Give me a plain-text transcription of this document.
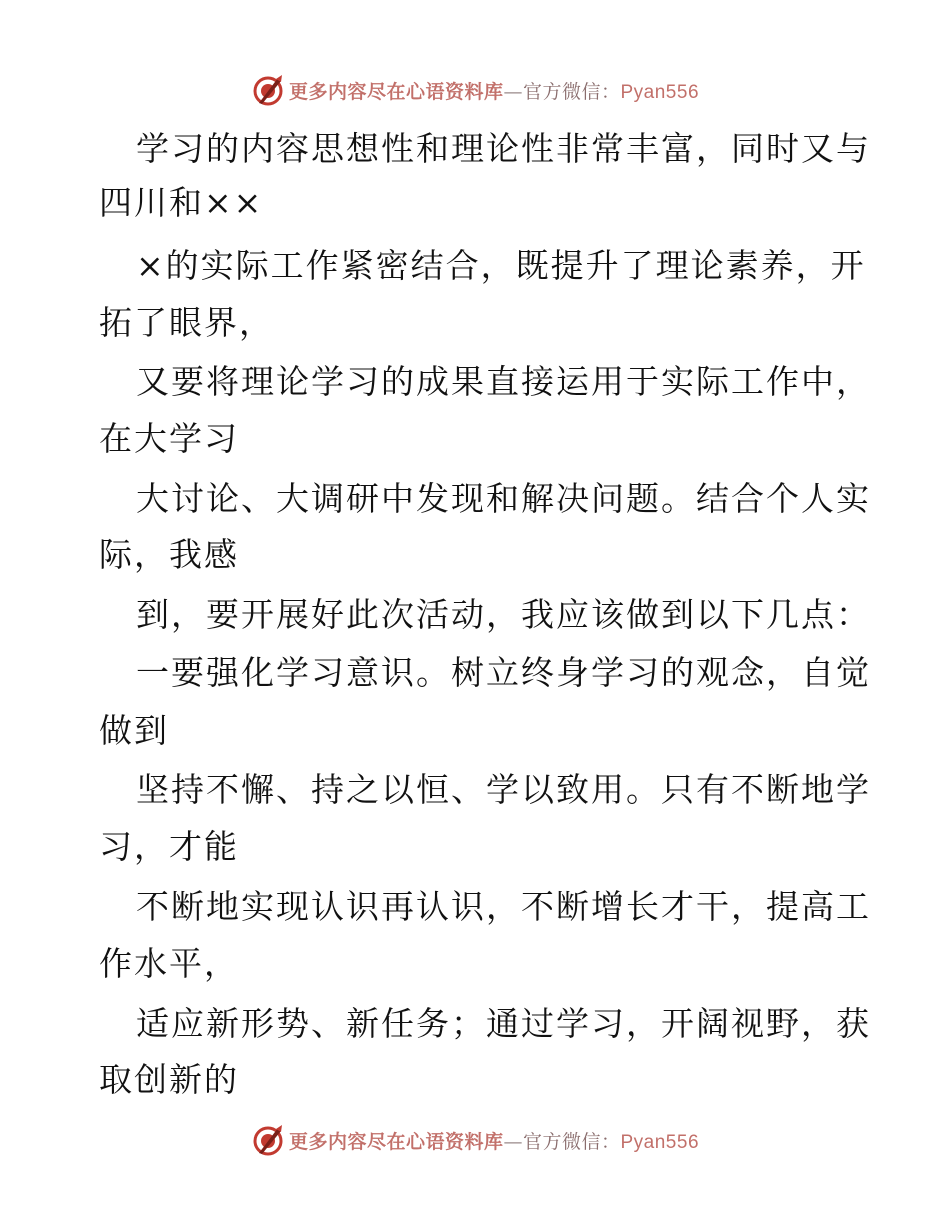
更多内容尽在心语资料库—官方微信：Pyan556
学习的内容思想性和理论性非常丰富，同时又与
四川和××
×的实际工作紧密结合，既提升了理论素养，开
拓了眼界，
又要将理论学习的成果直接运用于实际工作中，
在大学习
大讨论、大调研中发现和解决问题。结合个人实
际，我感
到，要开展好此次活动，我应该做到以下几点：
一要强化学习意识。树立终身学习的观念，自觉
做到
坚持不懈、持之以恒、学以致用。只有不断地学
习，才能
不断地实现认识再认识，不断增长才干，提高工
作水平，
适应新形势、新任务；通过学习，开阔视野，获
取创新的
更多内容尽在心语资料库—官方微信：Pyan556
